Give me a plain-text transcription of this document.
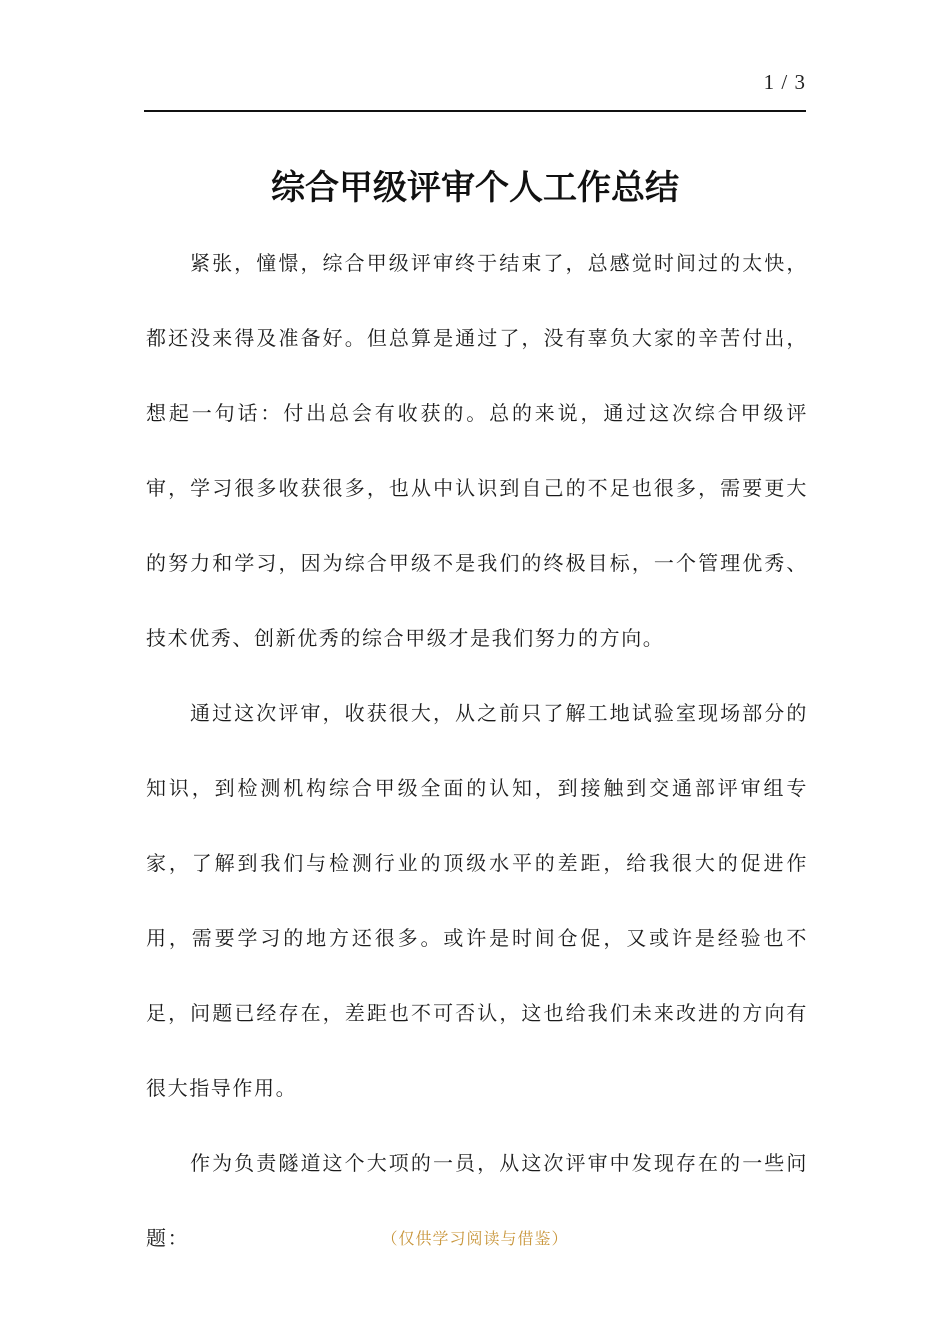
1 / 3
综合甲级评审个人工作总结

紧张，憧憬，综合甲级评审终于结束了，总感觉时间过的太快，都还没来得及准备好。但总算是通过了，没有辜负大家的辛苦付出，想起一句话：付出总会有收获的。总的来说，通过这次综合甲级评审，学习很多收获很多，也从中认识到自己的不足也很多，需要更大的努力和学习，因为综合甲级不是我们的终极目标，一个管理优秀、技术优秀、创新优秀的综合甲级才是我们努力的方向。

通过这次评审，收获很大，从之前只了解工地试验室现场部分的知识，到检测机构综合甲级全面的认知，到接触到交通部评审组专家，了解到我们与检测行业的顶级水平的差距，给我很大的促进作用，需要学习的地方还很多。或许是时间仓促，又或许是经验也不足，问题已经存在，差距也不可否认，这也给我们未来改进的方向有很大指导作用。

作为负责隧道这个大项的一员，从这次评审中发现存在的一些问题：	（仅供学习阅读与借鉴）
